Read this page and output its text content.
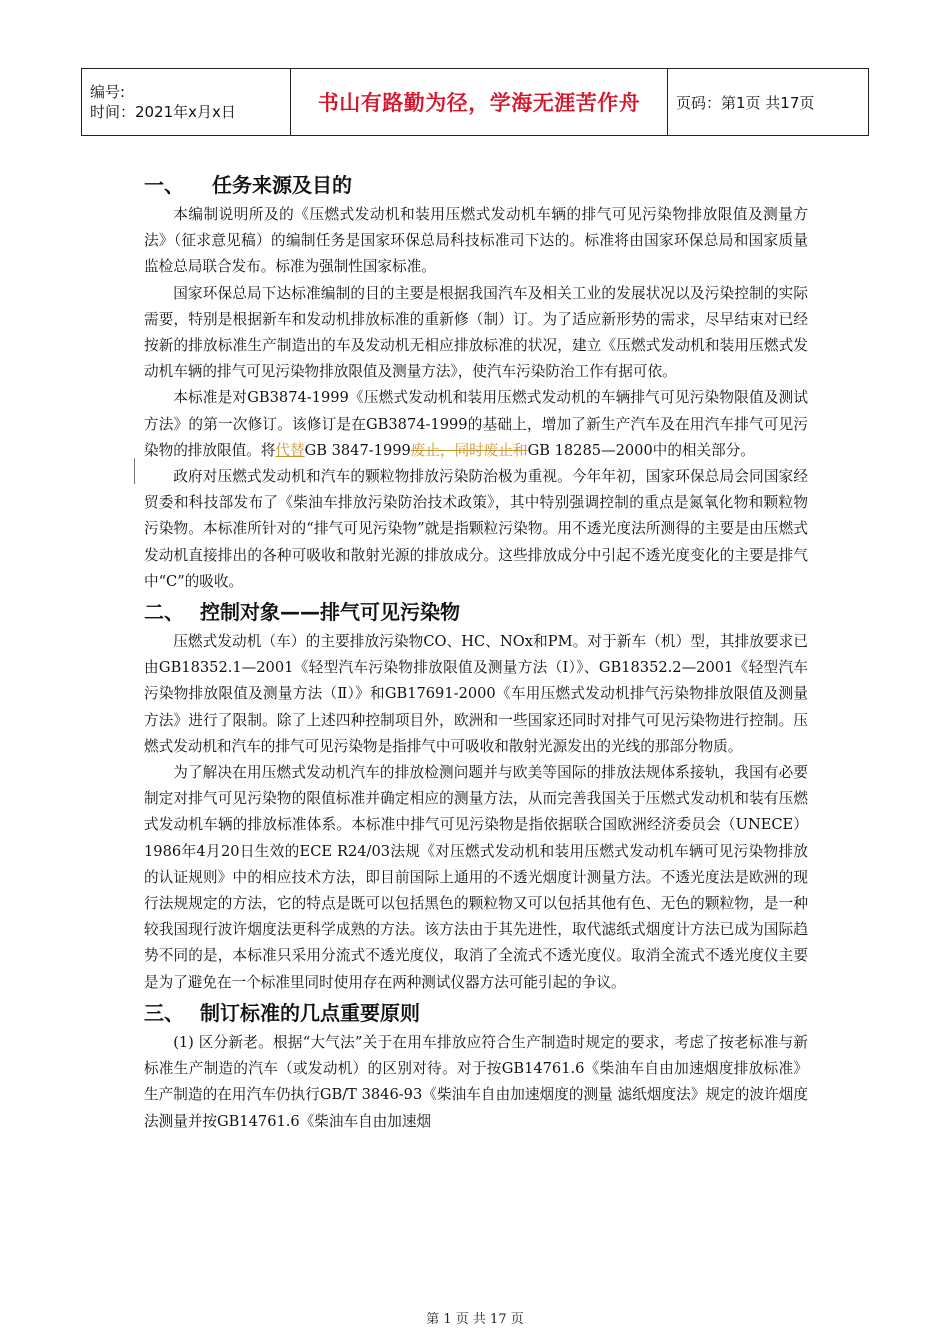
编号:
时间：2021年x月x日	书山有路勤为径，学海无涯苦作舟	页码：第1页 共17页
一、 任务来源及目的

本编制说明所及的《压燃式发动机和装用压燃式发动机车辆的排气可见污染物排放限值及测量方法》（征求意见稿）的编制任务是国家环保总局科技标准司下达的。标准将由国家环保总局和国家质量监检总局联合发布。标准为强制性国家标准。

国家环保总局下达标准编制的目的主要是根据我国汽车及相关工业的发展状况以及污染控制的实际需要，特别是根据新车和发动机排放标准的重新修（制）订。为了适应新形势的需求，尽早结束对已经按新的排放标准生产制造出的车及发动机无相应排放标准的状况，建立《压燃式发动机和装用压燃式发动机车辆的排气可见污染物排放限值及测量方法》，使汽车污染防治工作有据可依。

本标准是对GB3874-1999《压燃式发动机和装用压燃式发动机的车辆排气可见污染物限值及测试方法》的第一次修订。该修订是在GB3874-1999的基础上，增加了新生产汽车及在用汽车排气可见污染物的排放限值。将代替GB 3847-1999废止，同时废止和GB 18285—2000中的相关部分。

政府对压燃式发动机和汽车的颗粒物排放污染防治极为重视。今年年初，国家环保总局会同国家经贸委和科技部发布了《柴油车排放污染防治技术政策》，其中特别强调控制的重点是氮氧化物和颗粒物污染物。本标准所针对的“排气可见污染物”就是指颗粒污染物。用不透光度法所测得的主要是由压燃式发动机直接排出的各种可吸收和散射光源的排放成分。这些排放成分中引起不透光度变化的主要是排气中“C”的吸收。

二、 控制对象——排气可见污染物

压燃式发动机（车）的主要排放污染物CO、HC、NOx和PM。对于新车（机）型，其排放要求已由GB18352.1—2001《轻型汽车污染物排放限值及测量方法（Ⅰ）》、GB18352.2—2001《轻型汽车污染物排放限值及测量方法（Ⅱ）》和GB17691-2000《车用压燃式发动机排气污染物排放限值及测量方法》进行了限制。除了上述四种控制项目外，欧洲和一些国家还同时对排气可见污染物进行控制。压燃式发动机和汽车的排气可见污染物是指排气中可吸收和散射光源发出的光线的那部分物质。

为了解决在用压燃式发动机汽车的排放检测问题并与欧美等国际的排放法规体系接轨，我国有必要制定对排气可见污染物的限值标准并确定相应的测量方法，从而完善我国关于压燃式发动机和装有压燃式发动机车辆的排放标准体系。本标准中排气可见污染物是指依据联合国欧洲经济委员会（UNECE）1986年4月20日生效的ECE R24/03法规《对压燃式发动机和装用压燃式发动机车辆可见污染物排放的认证规则》中的相应技术方法，即目前国际上通用的不透光烟度计测量方法。不透光度法是欧洲的现行法规规定的方法，它的特点是既可以包括黑色的颗粒物又可以包括其他有色、无色的颗粒物，是一种较我国现行波许烟度法更科学成熟的方法。该方法由于其先进性，取代滤纸式烟度计方法已成为国际趋势不同的是，本标准只采用分流式不透光度仪，取消了全流式不透光度仪。取消全流式不透光度仪主要是为了避免在一个标准里同时使用存在两种测试仪器方法可能引起的争议。

三、 制订标准的几点重要原则

(1) 区分新老。根据“大气法”关于在用车排放应符合生产制造时规定的要求，考虑了按老标准与新标准生产制造的汽车（或发动机）的区别对待。对于按GB14761.6《柴油车自由加速烟度排放标准》生产制造的在用汽车仍执行GB/T 3846-93《柴油车自由加速烟度的测量 滤纸烟度法》规定的波许烟度法测量并按GB14761.6《柴油车自由加速烟

第 1 页 共 17 页
